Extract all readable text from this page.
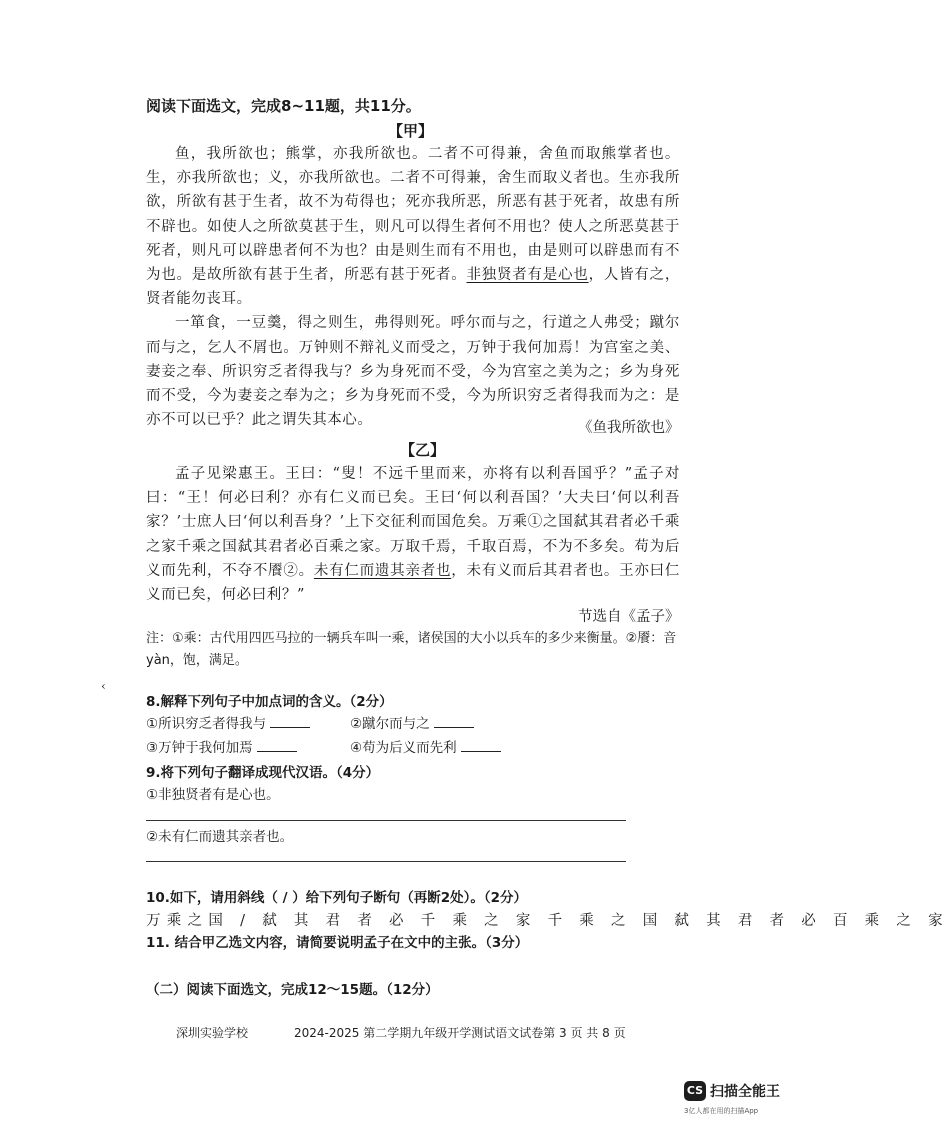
阅读下面选文，完成8~11题，共11分。
【甲】

鱼，我所欲也；熊掌，亦我所欲也。二者不可得兼，舍鱼而取熊掌者也。生，亦我所欲也；义，亦我所欲也。二者不可得兼，舍生而取义者也。生亦我所欲，所欲有甚于生者，故不为苟得也；死亦我所恶，所恶有甚于死者，故患有所不辟也。如使人之所欲莫甚于生，则凡可以得生者何不用也？使人之所恶莫甚于死者，则凡可以辟患者何不为也？由是则生而有不用也，由是则可以辟患而有不为也。是故所欲有甚于生者，所恶有甚于死者。非独贤者有是心也，人皆有之，贤者能勿丧耳。

一箪食，一豆羹，得之则生，弗得则死。呼尔而与之，行道之人弗受；蹴尔而与之，乞人不屑也。万钟则不辩礼义而受之，万钟于我何加焉！为宫室之美、妻妾之奉、所识穷乏者得我与？乡为身死而不受，今为宫室之美为之；乡为身死而不受，今为妻妾之奉为之；乡为身死而不受，今为所识穷乏者得我而为之：是亦不可以已乎？此之谓失其本心。	《鱼我所欲也》
【乙】

孟子见梁惠王。王曰：“叟！不远千里而来，亦将有以利吾国乎？”孟子对曰：“王！何必曰利？亦有仁义而已矣。王曰‘何以利吾国？’大夫曰‘何以利吾家？’士庶人曰‘何以利吾身？’上下交征利而国危矣。万乘①之国弑其君者必千乘之家千乘之国弑其君者必百乘之家。万取千焉，千取百焉，不为不多矣。苟为后义而先利，不夺不餍②。未有仁而遗其亲者也，未有义而后其君者也。王亦曰仁义而已矣，何必曰利？”

节选自《孟子》
注：①乘：古代用四匹马拉的一辆兵车叫一乘，诸侯国的大小以兵车的多少来衡量。②餍：音yàn，饱，满足。
‹
8.解释下列句子中加点词的含义。（2分）
①所识穷乏者得我与	②蹴尔而与之
③万钟于我何加焉	④苟为后义而先利
9.将下列句子翻译成现代汉语。（4分）
①非独贤者有是心也。
②未有仁而遗其亲者也。
10.如下，请用斜线（ / ）给下列句子断句（再断2处）。（2分）
万乘之国 / 弑 其 君 者 必 千 乘 之 家 千 乘 之 国 弑 其 君 者 必 百 乘 之 家
11. 结合甲乙选文内容，请简要说明孟子在文中的主张。（3分）
（二）阅读下面选文，完成12～15题。（12分）
深圳实验学校	2024-2025 第二学期九年级开学测试语文试卷第 3 页 共 8 页
CS 扫描全能王
3亿人都在用的扫描App
